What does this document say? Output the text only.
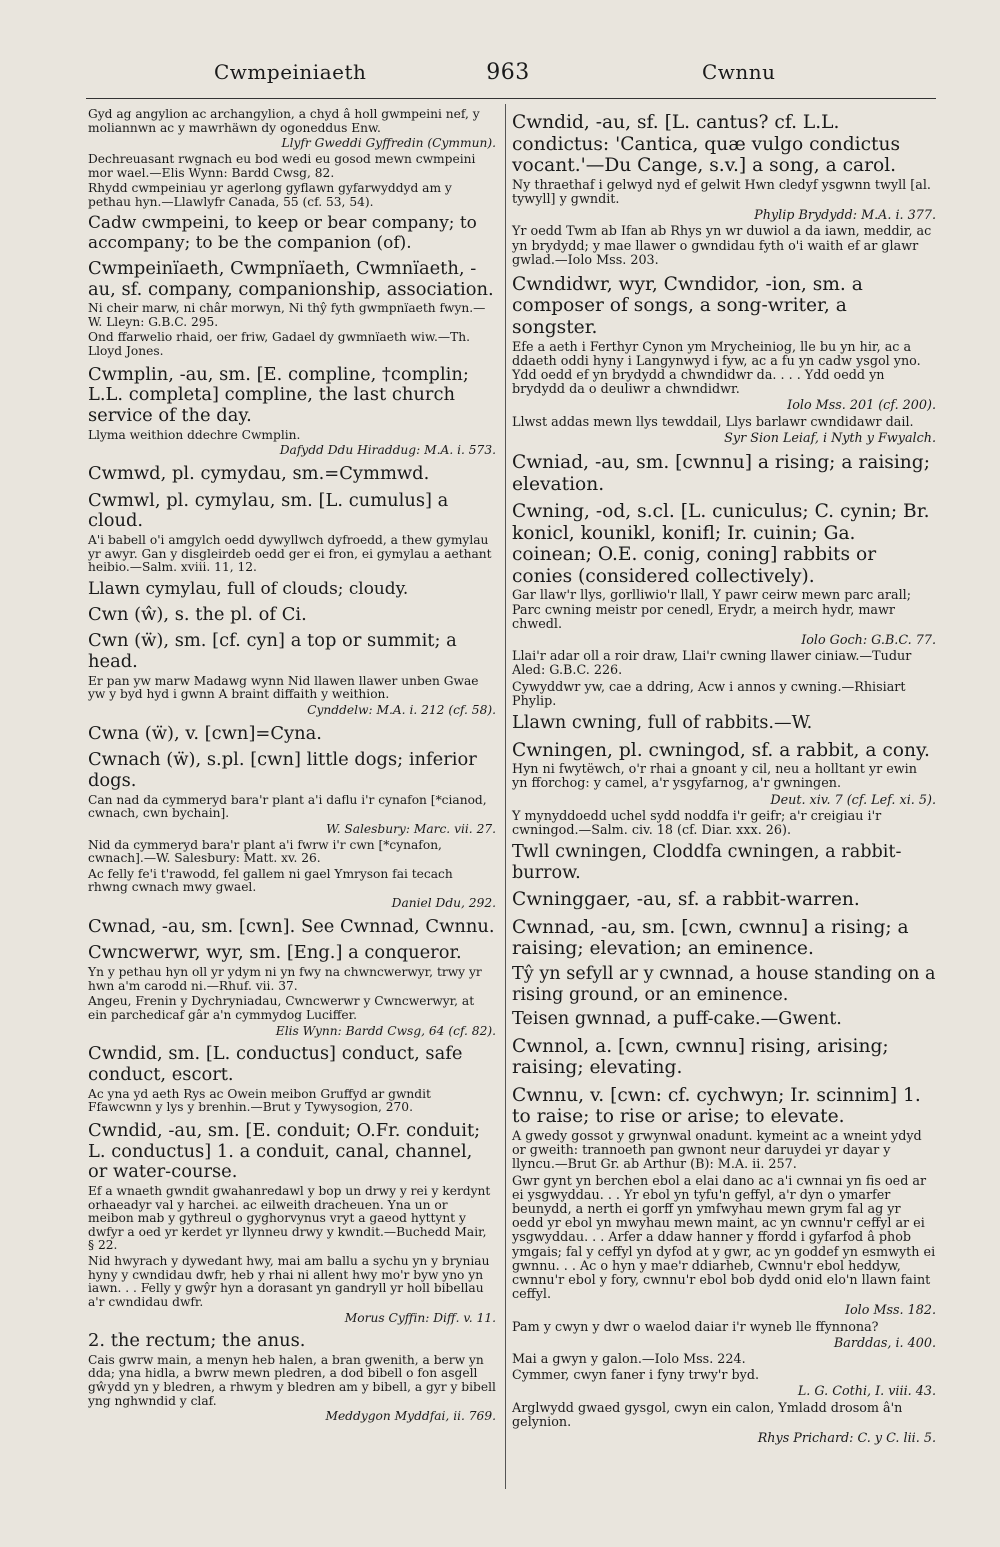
Cwmpeiniaeth	963	Cwnnu
Gyd ag angylion ac archangylion, a chyd â holl gwmpeini nef, y moliannwn ac y mawrhäwn dy ogoneddus Enw.
Llyfr Gweddi Gyffredin (Cymmun).
Dechreuasant rwgnach eu bod wedi eu gosod mewn cwmpeini mor wael.—Elis Wynn: Bardd Cwsg, 82.
Rhydd cwmpeiniau yr agerlong gyflawn gyfarwyddyd am y pethau hyn.—Llawlyfr Canada, 55 (cf. 53, 54).
Cadw cwmpeini, to keep or bear company; to accompany; to be the companion (of).
Cwmpeinïaeth, Cwmpnïaeth, Cwmnïaeth, -au, sf. company, companionship, association.
Ni cheir marw, ni châr morwyn, Ni thŷ fyth gwmpnïaeth fwyn.—W. Lleyn: G.B.C. 295.
Ond ffarwelio rhaid, oer friw, Gadael dy gwmnïaeth wiw.—Th. Lloyd Jones.
Cwmplin, -au, sm. [E. compline, †complin; L.L. completa] compline, the last church service of the day.
Llyma weithion ddechre Cwmplin.
Dafydd Ddu Hiraddug: M.A. i. 573.
Cwmwd, pl. cymydau, sm.=Cymmwd.
Cwmwl, pl. cymylau, sm. [L. cumulus] a cloud.
A'i babell o'i amgylch oedd dywyllwch dyfroedd, a thew gymylau yr awyr. Gan y disgleirdeb oedd ger ei fron, ei gymylau a aethant heibio.—Salm. xviii. 11, 12.
Llawn cymylau, full of clouds; cloudy.
Cwn (ŵ), s. the pl. of Ci.
Cwn (ẅ), sm. [cf. cyn] a top or summit; a head.
Er pan yw marw Madawg wynn Nid llawen llawer unben Gwae yw y byd hyd i gwnn A braint diffaith y weithion.
Cynddelw: M.A. i. 212 (cf. 58).
Cwna (ẅ), v. [cwn]=Cyna.
Cwnach (ẅ), s.pl. [cwn] little dogs; inferior dogs.
Can nad da cymmeryd bara'r plant a'i daflu i'r cynafon [*cianod, cwnach, cwn bychain].
W. Salesbury: Marc. vii. 27.
Nid da cymmeryd bara'r plant a'i fwrw i'r cwn [*cynafon, cwnach].—W. Salesbury: Matt. xv. 26.
Ac felly fe'i t'rawodd, fel gallem ni gael Ymryson fai tecach rhwng cwnach mwy gwael.
Daniel Ddu, 292.
Cwnad, -au, sm. [cwn]. See Cwnnad, Cwnnu.
Cwncwerwr, wyr, sm. [Eng.] a conqueror.
Yn y pethau hyn oll yr ydym ni yn fwy na chwncwerwyr, trwy yr hwn a'm carodd ni.—Rhuf. vii. 37.
Angeu, Frenin y Dychryniadau, Cwncwerwr y Cwncwerwyr, at ein parchedicaf gâr a'n cymmydog Luciffer.
Elis Wynn: Bardd Cwsg, 64 (cf. 82).
Cwndid, sm. [L. conductus] conduct, safe conduct, escort.
Ac yna yd aeth Rys ac Owein meibon Gruffyd ar gwndit Ffawcwnn y lys y brenhin.—Brut y Tywysogion, 270.
Cwndid, -au, sm. [E. conduit; O.Fr. conduit; L. conductus] 1. a conduit, canal, channel, or water-course.
Ef a wnaeth gwndit gwahanredawl y bop un drwy y rei y kerdynt orhaeadyr val y harchei. ac eilweith dracheuen. Yna un or meibon mab y gythreul o gyghorvynus vryt a gaeod hyttynt y dwfyr a oed yr kerdet yr llynneu drwy y kwndit.—Buchedd Mair, § 22.
Nid hwyrach y dywedant hwy, mai am ballu a sychu yn y bryniau hyny y cwndidau dwfr, heb y rhai ni allent hwy mo'r byw yno yn iawn. . . Felly y gwŷr hyn a dorasant yn gandryll yr holl bibellau a'r cwndidau dwfr.
Morus Cyffin: Diff. v. 11.
2. the rectum; the anus.
Cais gwrw main, a menyn heb halen, a bran gwenith, a berw yn dda; yna hidla, a bwrw mewn pledren, a dod bibell o fon asgell gŵydd yn y bledren, a rhwym y bledren am y bibell, a gyr y bibell yng nghwndid y claf.
Meddygon Myddfai, ii. 769.
Cwndid, -au, sf. [L. cantus? cf. L.L. condictus: 'Cantica, quæ vulgo condictus vocant.'—Du Cange, s.v.] a song, a carol.
Ny thraethaf i gelwyd nyd ef gelwit Hwn cledyf ysgwnn twyll [al. tywyll] y gwndit.
Phylip Brydydd: M.A. i. 377.
Yr oedd Twm ab Ifan ab Rhys yn wr duwiol a da iawn, meddir, ac yn brydydd; y mae llawer o gwndidau fyth o'i waith ef ar glawr gwlad.—Iolo Mss. 203.
Cwndidwr, wyr, Cwndidor, -ion, sm. a composer of songs, a song-writer, a songster.
Efe a aeth i Ferthyr Cynon ym Mrycheiniog, lle bu yn hir, ac a ddaeth oddi hyny i Langynwyd i fyw, ac a fu yn cadw ysgol yno. Ydd oedd ef yn brydydd a chwndidwr da. . . . Ydd oedd yn brydydd da o deuliwr a chwndidwr.
Iolo Mss. 201 (cf. 200).
Llwst addas mewn llys tewddail, Llys barlawr cwndidawr dail.
Syr Sion Leiaf, i Nyth y Fwyalch.
Cwniad, -au, sm. [cwnnu] a rising; a raising; elevation.
Cwning, -od, s.cl. [L. cuniculus; C. cynin; Br. konicl, kounikl, konifl; Ir. cuinin; Ga. coinean; O.E. conig, coning] rabbits or conies (considered collectively).
Gar llaw'r llys, gorlliwio'r llall, Y pawr ceirw mewn parc arall; Parc cwning meistr por cenedl, Erydr, a meirch hydr, mawr chwedl.
Iolo Goch: G.B.C. 77.
Llai'r adar oll a roir draw, Llai'r cwning llawer ciniaw.—Tudur Aled: G.B.C. 226.
Cywyddwr yw, cae a ddring, Acw i annos y cwning.—Rhisiart Phylip.
Llawn cwning, full of rabbits.—W.
Cwningen, pl. cwningod, sf. a rabbit, a cony.
Hyn ni fwytëwch, o'r rhai a gnoant y cil, neu a holltant yr ewin yn fforchog: y camel, a'r ysgyfarnog, a'r gwningen.
Deut. xiv. 7 (cf. Lef. xi. 5).
Y mynyddoedd uchel sydd noddfa i'r geifr; a'r creigiau i'r cwningod.—Salm. civ. 18 (cf. Diar. xxx. 26).
Twll cwningen, Cloddfa cwningen, a rabbit-burrow.
Cwninggaer, -au, sf. a rabbit-warren.
Cwnnad, -au, sm. [cwn, cwnnu] a rising; a raising; elevation; an eminence.
Tŷ yn sefyll ar y cwnnad, a house standing on a rising ground, or an eminence.
Teisen gwnnad, a puff-cake.—Gwent.
Cwnnol, a. [cwn, cwnnu] rising, arising; raising; elevating.
Cwnnu, v. [cwn: cf. cychwyn; Ir. scinnim] 1. to raise; to rise or arise; to elevate.
A gwedy gossot y grwynwal onadunt. kymeint ac a wneint ydyd or gweith: trannoeth pan gwnont neur daruydei yr dayar y llyncu.—Brut Gr. ab Arthur (B): M.A. ii. 257.
Gwr gynt yn berchen ebol a elai dano ac a'i cwnnai yn fis oed ar ei ysgwyddau. . . Yr ebol yn tyfu'n geffyl, a'r dyn o ymarfer beunydd, a nerth ei gorff yn ymfwyhau mewn grym fal ag yr oedd yr ebol yn mwyhau mewn maint, ac yn cwnnu'r ceffyl ar ei ysgwyddau. . . Arfer a ddaw hanner y ffordd i gyfarfod â phob ymgais; fal y ceffyl yn dyfod at y gwr, ac yn goddef yn esmwyth ei gwnnu. . . Ac o hyn y mae'r ddiarheb, Cwnnu'r ebol heddyw, cwnnu'r ebol y fory, cwnnu'r ebol bob dydd onid elo'n llawn faint ceffyl.
Iolo Mss. 182.
Pam y cwyn y dwr o waelod daiar i'r wyneb lle ffynnona?
Barddas, i. 400.
Mai a gwyn y galon.—Iolo Mss. 224.
Cymmer, cwyn faner i fyny trwy'r byd.
L. G. Cothi, I. viii. 43.
Arglwydd gwaed gysgol, cwyn ein calon, Ymladd drosom â'n gelynion.
Rhys Prichard: C. y C. lii. 5.
